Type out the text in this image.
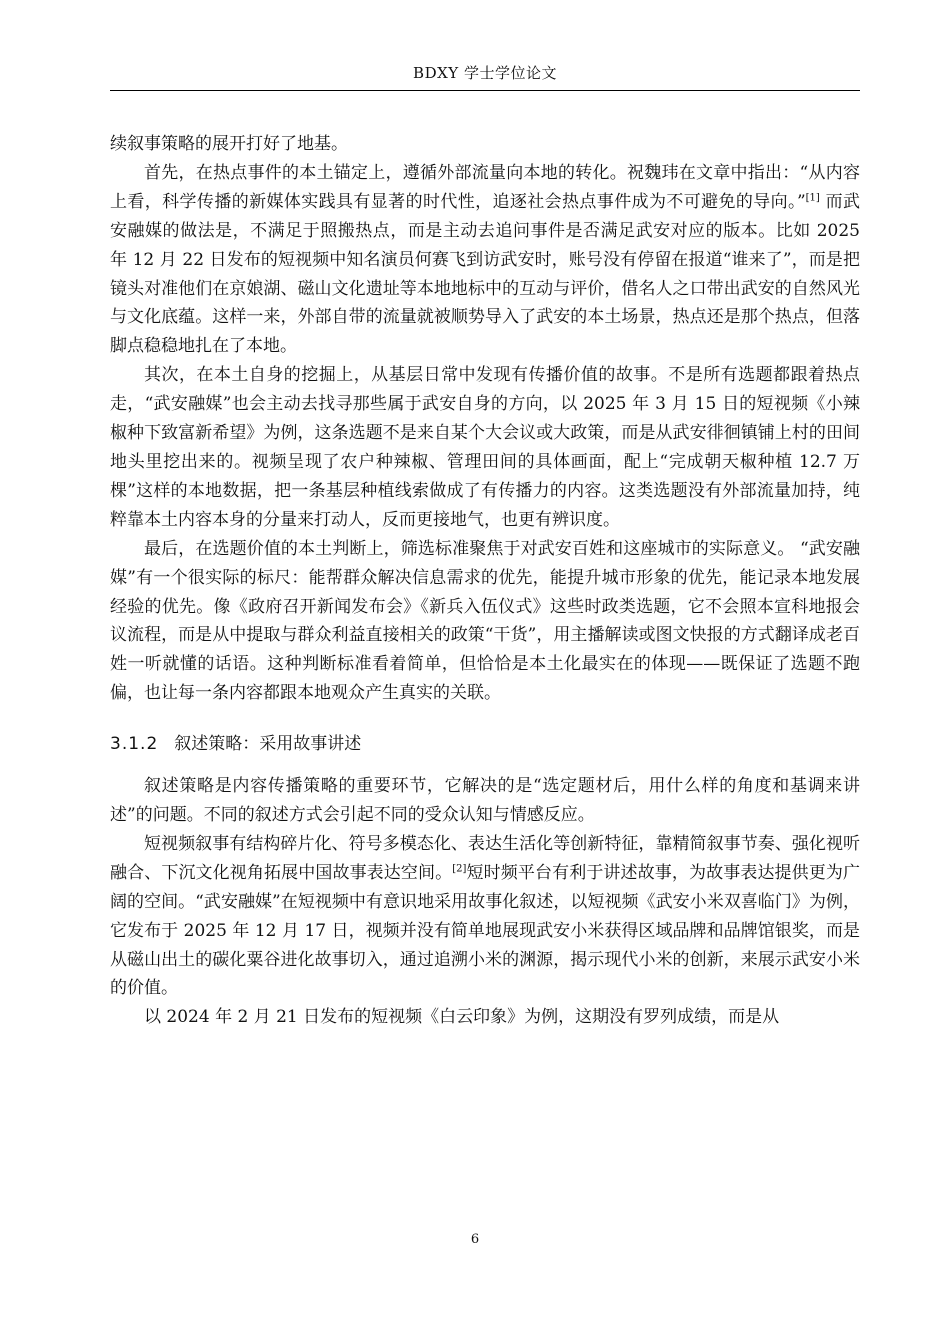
BDXY 学士学位论文

续叙事策略的展开打好了地基。

首先，在热点事件的本土锚定上，遵循外部流量向本地的转化。祝魏玮在文章中指出：“从内容上看，科学传播的新媒体实践具有显著的时代性，追逐社会热点事件成为不可避免的导向。”[1] 而武安融媒的做法是，不满足于照搬热点，而是主动去追问事件是否满足武安对应的版本。比如 2025 年 12 月 22 日发布的短视频中知名演员何赛飞到访武安时，账号没有停留在报道“谁来了”，而是把镜头对准他们在京娘湖、磁山文化遗址等本地地标中的互动与评价，借名人之口带出武安的自然风光与文化底蕴。这样一来，外部自带的流量就被顺势导入了武安的本土场景，热点还是那个热点，但落脚点稳稳地扎在了本地。

其次，在本土自身的挖掘上，从基层日常中发现有传播价值的故事。不是所有选题都跟着热点走，“武安融媒”也会主动去找寻那些属于武安自身的方向，以 2025 年 3 月 15 日的短视频《小辣椒种下致富新希望》为例，这条选题不是来自某个大会议或大政策，而是从武安徘徊镇铺上村的田间地头里挖出来的。视频呈现了农户种辣椒、管理田间的具体画面，配上“完成朝天椒种植 12.7 万棵”这样的本地数据，把一条基层种植线索做成了有传播力的内容。这类选题没有外部流量加持，纯粹靠本土内容本身的分量来打动人，反而更接地气，也更有辨识度。

最后，在选题价值的本土判断上，筛选标准聚焦于对武安百姓和这座城市的实际意义。 “武安融媒”有一个很实际的标尺：能帮群众解决信息需求的优先，能提升城市形象的优先，能记录本地发展经验的优先。像《政府召开新闻发布会》《新兵入伍仪式》这些时政类选题，它不会照本宣科地报会议流程，而是从中提取与群众利益直接相关的政策“干货”，用主播解读或图文快报的方式翻译成老百姓一听就懂的话语。这种判断标准看着简单，但恰恰是本土化最实在的体现——既保证了选题不跑偏，也让每一条内容都跟本地观众产生真实的关联。

3.1.2 叙述策略：采用故事讲述

叙述策略是内容传播策略的重要环节，它解决的是“选定题材后，用什么样的角度和基调来讲述”的问题。不同的叙述方式会引起不同的受众认知与情感反应。

短视频叙事有结构碎片化、符号多模态化、表达生活化等创新特征，靠精简叙事节奏、强化视听融合、下沉文化视角拓展中国故事表达空间。[2]短时频平台有利于讲述故事，为故事表达提供更为广阔的空间。“武安融媒”在短视频中有意识地采用故事化叙述，以短视频《武安小米双喜临门》为例，它发布于 2025 年 12 月 17 日，视频并没有简单地展现武安小米获得区域品牌和品牌馆银奖，而是从磁山出土的碳化粟谷进化故事切入，通过追溯小米的渊源，揭示现代小米的创新，来展示武安小米的价值。

以 2024 年 2 月 21 日发布的短视频《白云印象》为例，这期没有罗列成绩，而是从

6
